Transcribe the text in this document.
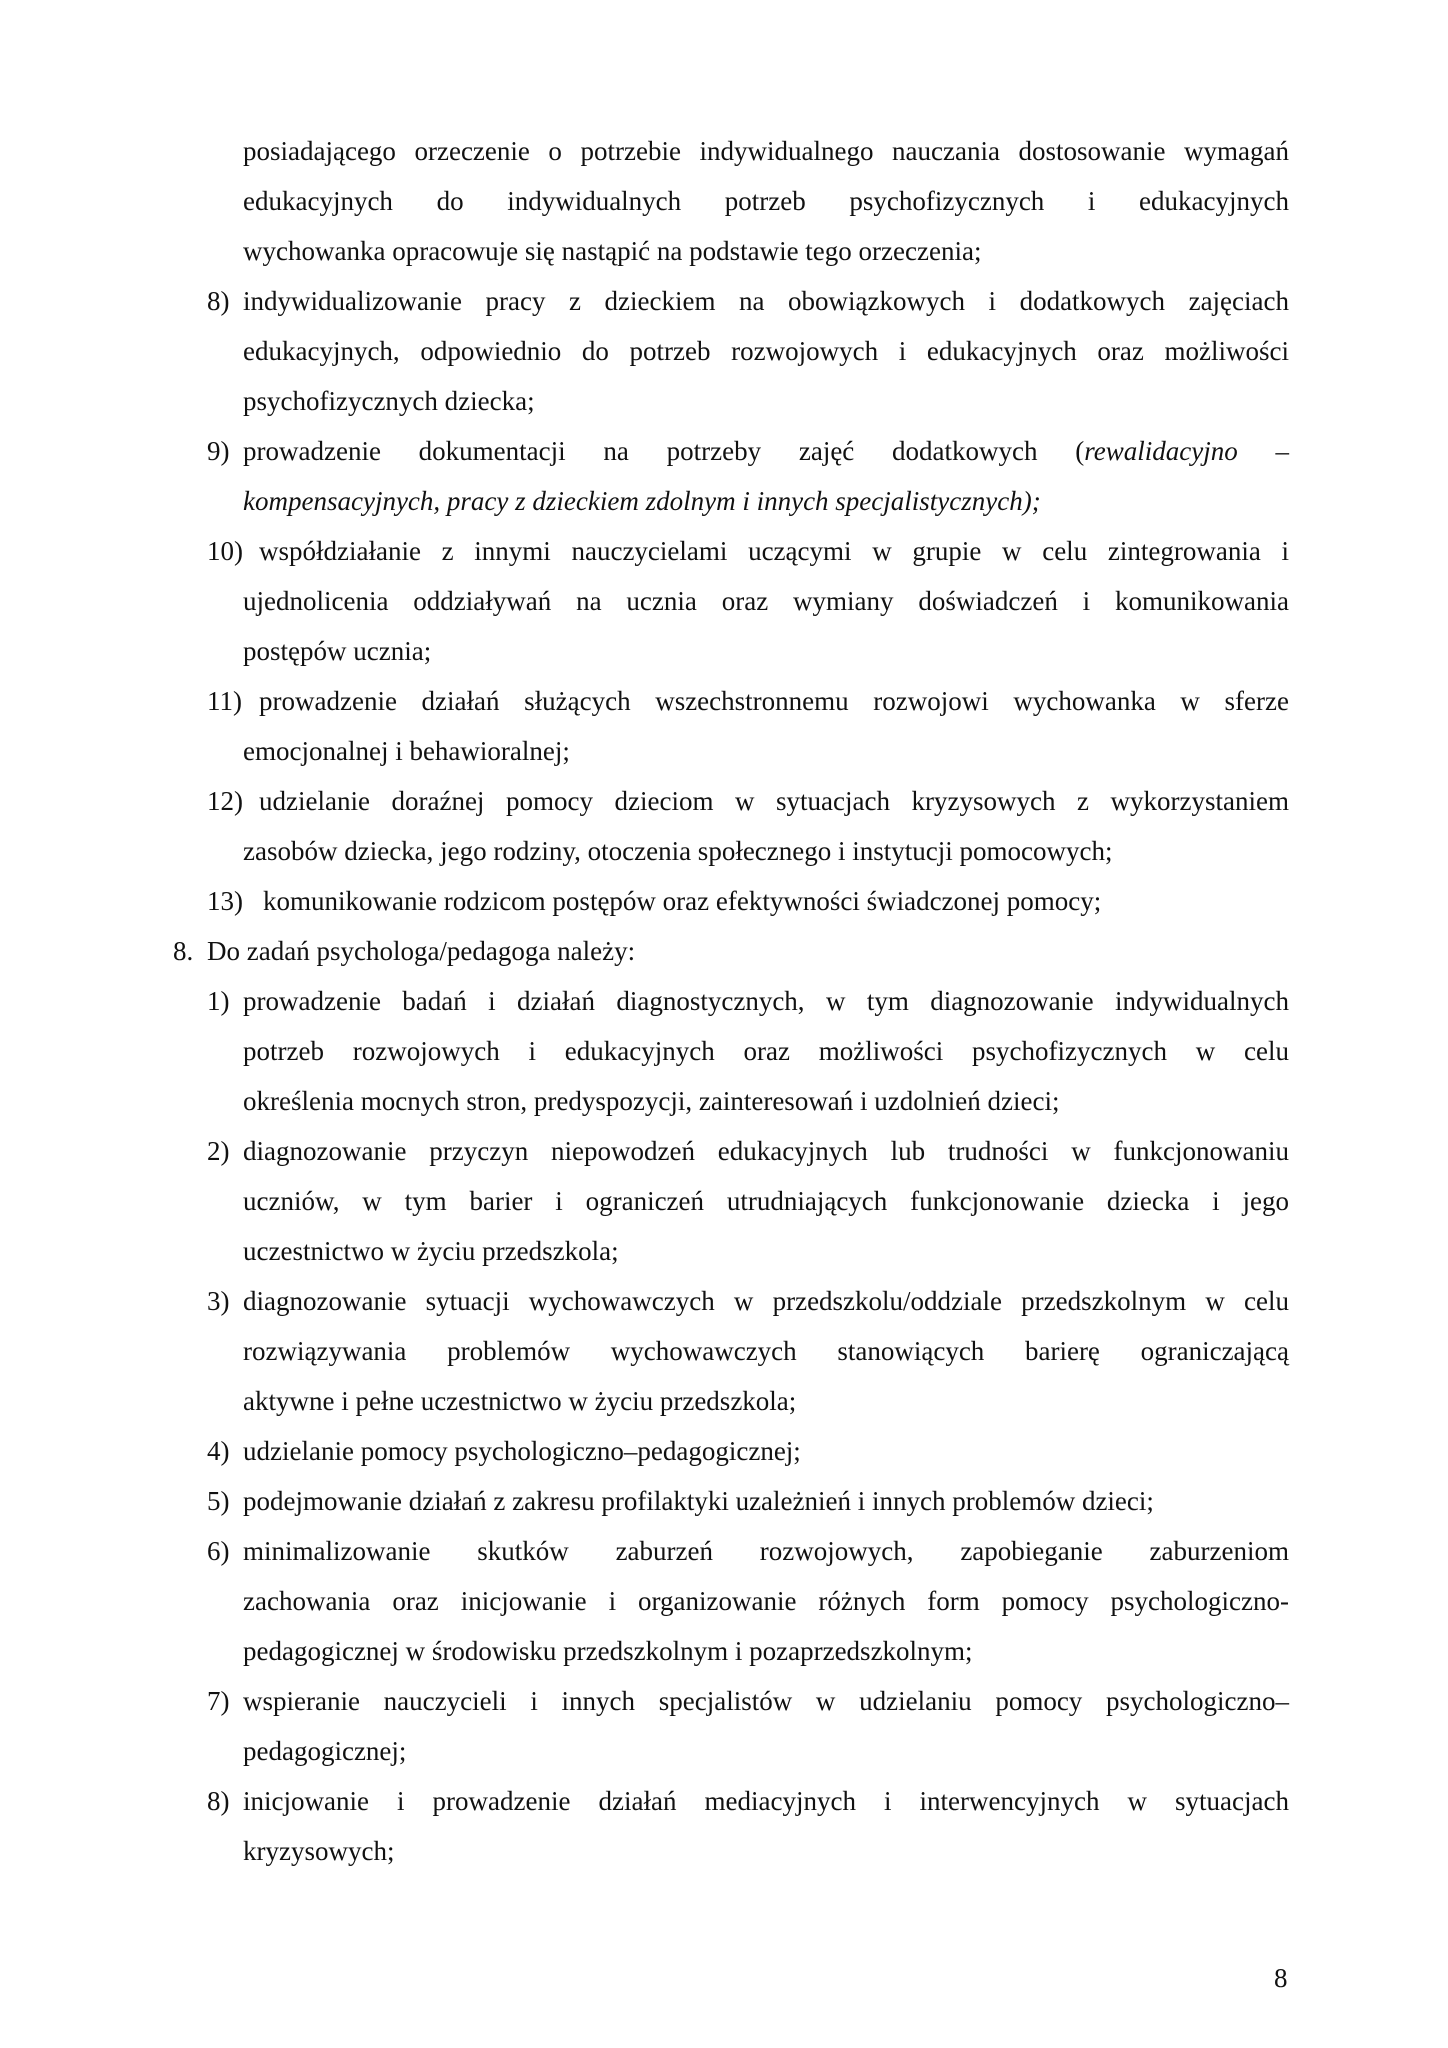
posiadającego orzeczenie o potrzebie indywidualnego nauczania dostosowanie wymagań
edukacyjnych do indywidualnych potrzeb psychofizycznych i edukacyjnych
wychowanka opracowuje się nastąpić na podstawie tego orzeczenia;
8) indywidualizowanie pracy z dzieckiem na obowiązkowych i dodatkowych zajęciach
edukacyjnych, odpowiednio do potrzeb rozwojowych i edukacyjnych oraz możliwości
psychofizycznych dziecka;
9) prowadzenie dokumentacji na potrzeby zajęć dodatkowych (rewalidacyjno –
kompensacyjnych, pracy z dzieckiem zdolnym i innych specjalistycznych);
10) współdziałanie z innymi nauczycielami uczącymi w grupie w celu zintegrowania i
ujednolicenia oddziaływań na ucznia oraz wymiany doświadczeń i komunikowania
postępów ucznia;
11) prowadzenie działań służących wszechstronnemu rozwojowi wychowanka w sferze
emocjonalnej i behawioralnej;
12) udzielanie doraźnej pomocy dzieciom w sytuacjach kryzysowych z wykorzystaniem
zasobów dziecka, jego rodziny, otoczenia społecznego i instytucji pomocowych;
13) komunikowanie rodzicom postępów oraz efektywności świadczonej pomocy;
8. Do zadań psychologa/pedagoga należy:
1) prowadzenie badań i działań diagnostycznych, w tym diagnozowanie indywidualnych
potrzeb rozwojowych i edukacyjnych oraz możliwości psychofizycznych w celu
określenia mocnych stron, predyspozycji, zainteresowań i uzdolnień dzieci;
2) diagnozowanie przyczyn niepowodzeń edukacyjnych lub trudności w funkcjonowaniu
uczniów, w tym barier i ograniczeń utrudniających funkcjonowanie dziecka i jego
uczestnictwo w życiu przedszkola;
3) diagnozowanie sytuacji wychowawczych w przedszkolu/oddziale przedszkolnym w celu
rozwiązywania problemów wychowawczych stanowiących barierę ograniczającą
aktywne i pełne uczestnictwo w życiu przedszkola;
4) udzielanie pomocy psychologiczno–pedagogicznej;
5) podejmowanie działań z zakresu profilaktyki uzależnień i innych problemów dzieci;
6) minimalizowanie skutków zaburzeń rozwojowych, zapobieganie zaburzeniom
zachowania oraz inicjowanie i organizowanie różnych form pomocy psychologiczno-
pedagogicznej w środowisku przedszkolnym i pozaprzedszkolnym;
7) wspieranie nauczycieli i innych specjalistów w udzielaniu pomocy psychologiczno–
pedagogicznej;
8) inicjowanie i prowadzenie działań mediacyjnych i interwencyjnych w sytuacjach
kryzysowych;
8
